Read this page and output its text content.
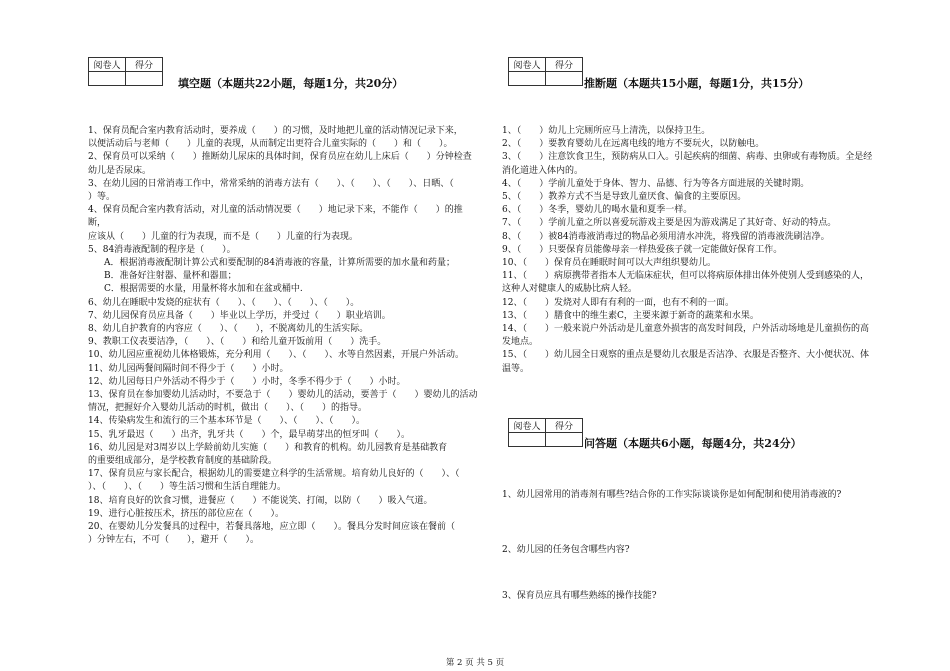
阅卷人	得分

填空题（本题共22小题，每题1分，共20分）
1、保育员配合室内教育活动时，要养成（　　）的习惯，及时地把儿童的活动情况记录下来，
以便活动后与老师（　　）儿童的表现，从而制定出更符合儿童实际的（　　）和（　　）。
2、保育员可以采纳（　　）推断幼儿尿床的具体时间，保育员应在幼儿上床后（　　）分钟检查
幼儿是否尿床。
3、在幼儿园的日常消毒工作中，常常采纳的消毒方法有（　　）、（　　）、（　　）、日晒、（　　
）等。
4、保育员配合室内教育活动，对儿童的活动情况要（　　）地记录下来，不能作（　　）的推断，
应该从（　　）儿童的行为表现，而不是（　　）儿童的行为表现。
5、84消毒液配制的程序是（　　）。
A．根据消毒液配制计算公式和要配制的84消毒液的容量，计算所需要的加水量和药量；
B．准备好注射器、量杯和器皿；
C．根据需要的水量，用量杯将水加和在盆或桶中.
6、幼儿在睡眠中发烧的症状有（　　）、（　　）、（　　）、（　　）。
7、幼儿园保育员应具备（　　）毕业以上学历，并受过（　　）职业培训。
8、幼儿自护教育的内容应（　　）、（　　），不脱离幼儿的生活实际。
9、教职工仪表要洁净，（　　）、（　　）和给儿童开饭前用（　　）洗手。
10、幼儿园应重视幼儿体格锻炼，充分利用（　　）、（　　）、水等自然因素，开展户外活动。
11、幼儿园两餐间隔时间不得少于（　　）小时。
12、幼儿园每日户外活动不得少于（　　）小时，冬季不得少于（　　）小时。
13、保育员在参加婴幼儿活动时，不要急于（　　）婴幼儿的活动，要善于（　　）婴幼儿的活动
情况，把握好介入婴幼儿活动的时机，做出（　　）、（　　）的指导。
14、传染病发生和流行的三个基本环节是（　　）、（　　）、（　　）。
15、乳牙最迟（　　）出齐，乳牙共（　　）个，最早萌芽出的恒牙叫（　　）。
16、幼儿园是对3周岁以上学龄前幼儿实施（　　）和教育的机构。幼儿园教育是基础教育
的重要组成部分，是学校教育制度的基础阶段。
17、保育员应与家长配合，根据幼儿的需要建立科学的生活常规。培育幼儿良好的（　　）、（　　
）、（　　）、（　　）等生活习惯和生活自理能力。
18、培育良好的饮食习惯，进餐应（　　）不能说笑、打闹，以防（　　）吸入气道。
19、进行心脏按压术，挤压的部位应在（　　）。
20、在婴幼儿分发餐具的过程中，若餐具落地，应立即（　　）。餐具分发时间应该在餐前（　　
）分钟左右，不可（　　），避开（　　）。
阅卷人	得分

推断题（本题共15小题，每题1分，共15分）
1、（　　）幼儿上完厕所应马上清洗，以保持卫生。
2、（　　）要教育婴幼儿在远离电线的地方不要玩火，以防触电。
3、（　　）注意饮食卫生，预防病从口入。引起疾病的细菌、病毒、虫卵或有毒物质。全是经
消化道进入体内的。
4、（　　）学前儿童处于身体、智力、品德、行为等各方面进展的关键时期。
5、（　　）教养方式不当是导致儿童厌食、偏食的主要原因。
6、（　　）冬季，婴幼儿的喝水量和夏季一样。
7、（　　）学前儿童之所以喜爱玩游戏主要是因为游戏满足了其好奇、好动的特点。
8、（　　）被84消毒液消毒过的物品必须用清水冲洗，将残留的消毒液洗刷洁净。
9、（　　）只要保育员能像母亲一样热爱孩子就一定能做好保育工作。
10、（　　）保育员在睡眠时间可以大声组织婴幼儿。
11、（　　）病原携带者指本人无临床症状，但可以将病原体排出体外使别人受到感染的人，
这种人对健康人的威胁比病人轻。
12、（　　）发烧对人即有有利的一面，也有不利的一面。
13、（　　）膳食中的维生素C，主要来源于新奇的蔬菜和水果。
14、（　　）一般来说户外活动是儿童意外损害的高发时间段，户外活动场地是儿童损伤的高
发地点。
15、（　　）幼儿园全日观察的重点是婴幼儿衣服是否洁净、衣服是否整齐、大小便状况、体
温等。
阅卷人	得分

问答题（本题共6小题，每题4分，共24分）
1、幼儿园常用的消毒剂有哪些?结合你的工作实际谈谈你是如何配制和使用消毒液的?
2、幼儿园的任务包含哪些内容?
3、保育员应具有哪些熟练的操作技能?
第 2 页 共 5 页
